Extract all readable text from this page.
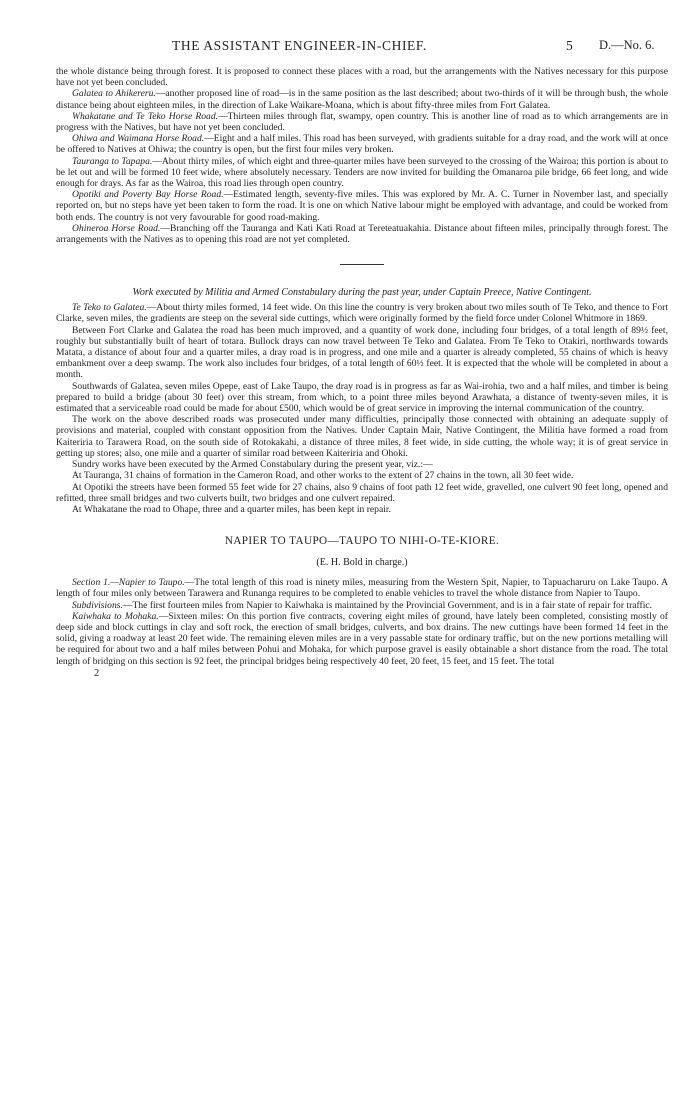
THE ASSISTANT ENGINEER-IN-CHIEF.	5 D.—No. 6.

the whole distance being through forest. It is proposed to connect these places with a road, but the arrangements with the Natives necessary for this purpose have not yet been concluded.

Galatea to Ahikereru.—another proposed line of road—is in the same position as the last described; about two-thirds of it will be through bush, the whole distance being about eighteen miles, in the direction of Lake Waikare-Moana, which is about fifty-three miles from Fort Galatea.

Whakatane and Te Teko Horse Road.—Thirteen miles through flat, swampy, open country. This is another line of road as to which arrangements are in progress with the Natives, but have not yet been concluded.

Ohiwa and Waimana Horse Road.—Eight and a half miles. This road has been surveyed, with gradients suitable for a dray road, and the work will at once be offered to Natives at Ohiwa; the country is open, but the first four miles very broken.

Tauranga to Tapapa.—About thirty miles, of which eight and three-quarter miles have been surveyed to the crossing of the Wairoa; this portion is about to be let out and will be formed 10 feet wide, where absolutely necessary. Tenders are now invited for building the Omanaroa pile bridge, 66 feet long, and wide enough for drays. As far as the Wairoa, this road lies through open country.

Opotiki and Poverty Bay Horse Road.—Estimated length, seventy-five miles. This was explored by Mr. A. C. Turner in November last, and specially reported on, but no steps have yet been taken to form the road. It is one on which Native labour might be employed with advantage, and could be worked from both ends. The country is not very favourable for good road-making.

Ohineroa Horse Road.—Branching off the Tauranga and Kati Kati Road at Tereteatuakahia. Distance about fifteen miles, principally through forest. The arrangements with the Natives as to opening this road are not yet completed.

Work executed by Militia and Armed Constabulary during the past year, under Captain Preece, Native Contingent.

Te Teko to Galatea.—About thirty miles formed, 14 feet wide. On this line the country is very broken about two miles south of Te Teko, and thence to Fort Clarke, seven miles, the gradients are steep on the several side cuttings, which were originally formed by the field force under Colonel Whitmore in 1869.

Between Fort Clarke and Galatea the road has been much improved, and a quantity of work done, including four bridges, of a total length of 89½ feet, roughly but substantially built of heart of totara. Bullock drays can now travel between Te Teko and Galatea. From Te Teko to Otakiri, northwards towards Matata, a distance of about four and a quarter miles, a dray road is in progress, and one mile and a quarter is already completed, 55 chains of which is heavy embankment over a deep swamp. The work also includes four bridges, of a total length of 60½ feet. It is expected that the whole will be completed in about a month.

Southwards of Galatea, seven miles Opepe, east of Lake Taupo, the dray road is in progress as far as Wai-irohia, two and a half miles, and timber is being prepared to build a bridge (about 30 feet) over this stream, from which, to a point three miles beyond Arawhata, a distance of twenty-seven miles, it is estimated that a serviceable road could be made for about £500, which would be of great service in improving the internal communication of the country.

The work on the above described roads was prosecuted under many difficulties, principally those connected with obtaining an adequate supply of provisions and material, coupled with constant opposition from the Natives. Under Captain Mair, Native Contingent, the Militia have formed a road from Kaiteriria to Tarawera Road, on the south side of Rotokakahi, a distance of three miles, 8 feet wide, in side cutting, the whole way; it is of great service in getting up stores; also, one mile and a quarter of similar road between Kaiteriria and Ohoki.

Sundry works have been executed by the Armed Constabulary during the present year, viz.:—

At Tauranga, 31 chains of formation in the Cameron Road, and other works to the extent of 27 chains in the town, all 30 feet wide.

At Opotiki the streets have been formed 55 feet wide for 27 chains, also 9 chains of foot path 12 feet wide, gravelled, one culvert 90 feet long, opened and refitted, three small bridges and two culverts built, two bridges and one culvert repaired.

At Whakatane the road to Ohape, three and a quarter miles, has been kept in repair.

NAPIER TO TAUPO—TAUPO TO NIHI-O-TE-KIORE.
(E. H. Bold in charge.)

Section 1.—Napier to Taupo.—The total length of this road is ninety miles, measuring from the Western Spit, Napier, to Tapuacharuru on Lake Taupo. A length of four miles only between Tarawera and Runanga requires to be completed to enable vehicles to travel the whole distance from Napier to Taupo.

Subdivisions.—The first fourteen miles from Napier to Kaiwhaka is maintained by the Provincial Government, and is in a fair state of repair for traffic.

Kaiwhaka to Mohaka.—Sixteen miles: On this portion five contracts, covering eight miles of ground, have lately been completed, consisting mostly of deep side and block cuttings in clay and soft rock, the erection of small bridges, culverts, and box drains. The new cuttings have been formed 14 feet in the solid, giving a roadway at least 20 feet wide. The remaining eleven miles are in a very passable state for ordinary traffic, but on the new portions metalling will be required for about two and a half miles between Pohui and Mohaka, for which purpose gravel is easily obtainable a short distance from the road. The total length of bridging on this section is 92 feet, the principal bridges being respectively 40 feet, 20 feet, 15 feet, and 15 feet. The total

2
